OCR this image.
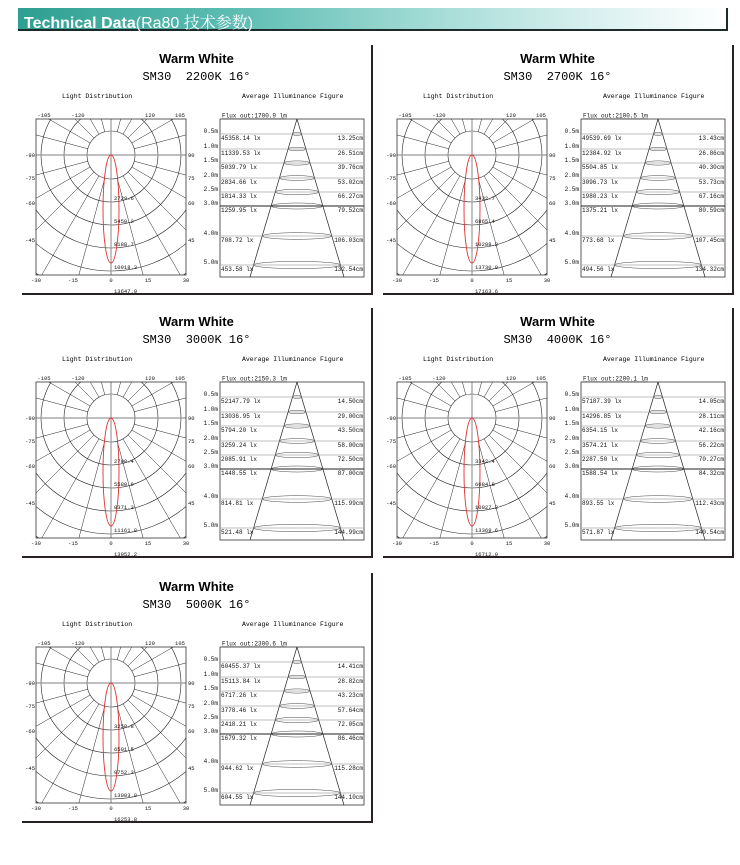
Technical Data(Ra80 技术参数)
Warm White
SM30  2200K 16°
Light Distribution	Average Illuminance Figure
2729.6
5459.2
8188.7
10918.3
13647.9
-105	-120	120	105
-90
-75
-60
-45
90
75
60
45
-30	-15	0	15	30
Flux out:1700.9 lm
0.5m
45358.14 lx	13.25cm
1.0m
11339.53 lx	26.51cm
1.5m
5039.79 lx	39.76cm
2.0m
2834.66 lx	53.02cm
2.5m
1814.33 lx	66.27cm
3.0m
1259.95 lx	79.52cm
4.0m
708.72 lx	106.03cm
5.0m
453.58 lx	132.54cm
Warm White
SM30  2700K 16°
Light Distribution	Average Illuminance Figure
3432.7
6865.4
10298.2
13730.9
17163.6
-105	-120	120	105
-90
-75
-60
-45
90
75
60
45
-30	-15	0	15	30
Flux out:2100.5 lm
0.5m
49539.69 lx	13.43cm
1.0m
12384.92 lx	26.86cm
1.5m
5504.85 lx	40.30cm
2.0m
3096.73 lx	53.73cm
2.5m
1980.23 lx	67.16cm
3.0m
1375.21 lx	80.59cm
4.0m
773.68 lx	107.45cm
5.0m
494.56 lx	134.32cm
Warm White
SM30  3000K 16°
Light Distribution	Average Illuminance Figure
2790.4
5580.9
8371.3
11161.8
13952.2
-105	-120	120	105
-90
-75
-60
-45
90
75
60
45
-30	-15	0	15	30
Flux out:2150.3 lm
0.5m
52147.79 lx	14.50cm
1.0m
13036.95 lx	29.00cm
1.5m
5794.20 lx	43.50cm
2.0m
3259.24 lx	58.00cm
2.5m
2085.91 lx	72.50cm
3.0m
1448.55 lx	87.00cm
4.0m
814.81 lx	115.99cm
5.0m
521.48 lx	144.99cm
Warm White
SM30  4000K 16°
Light Distribution	Average Illuminance Figure
3342.4
6684.8
10027.2
13369.6
16712.0
-105	-120	120	105
-90
-75
-60
-45
90
75
60
45
-30	-15	0	15	30
Flux out:2200.1 lm
0.5m
57187.39 lx	14.05cm
1.0m
14296.85 lx	28.11cm
1.5m
6354.15 lx	42.16cm
2.0m
3574.21 lx	56.22cm
2.5m
2287.50 lx	70.27cm
3.0m
1588.54 lx	84.32cm
4.0m
893.55 lx	112.43cm
5.0m
571.87 lx	140.54cm
Warm White
SM30  5000K 16°
Light Distribution	Average Illuminance Figure
3250.8
6501.5
9752.3
13003.0
16253.8
-105	-120	120	105
-90
-75
-60
-45
90
75
60
45
-30	-15	0	15	30
Flux out:2300.6 lm
0.5m
60455.37 lx	14.41cm
1.0m
15113.84 lx	28.82cm
1.5m
6717.26 lx	43.23cm
2.0m
3778.46 lx	57.64cm
2.5m
2418.21 lx	72.05cm
3.0m
1679.32 lx	86.46cm
4.0m
944.62 lx	115.28cm
5.0m
604.55 lx	144.10cm
